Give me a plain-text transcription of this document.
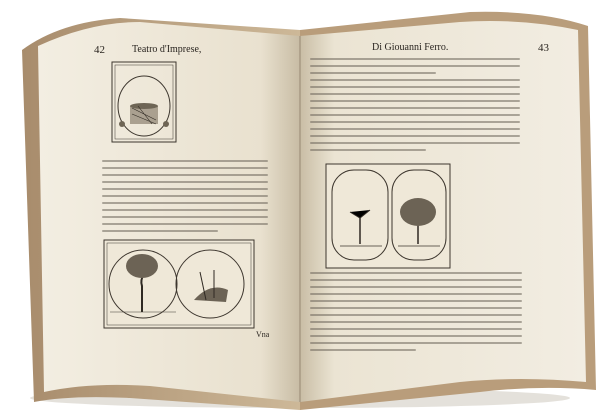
42	Teatro d'Imprese,	Di Giouanni Ferro.	43
Vna
